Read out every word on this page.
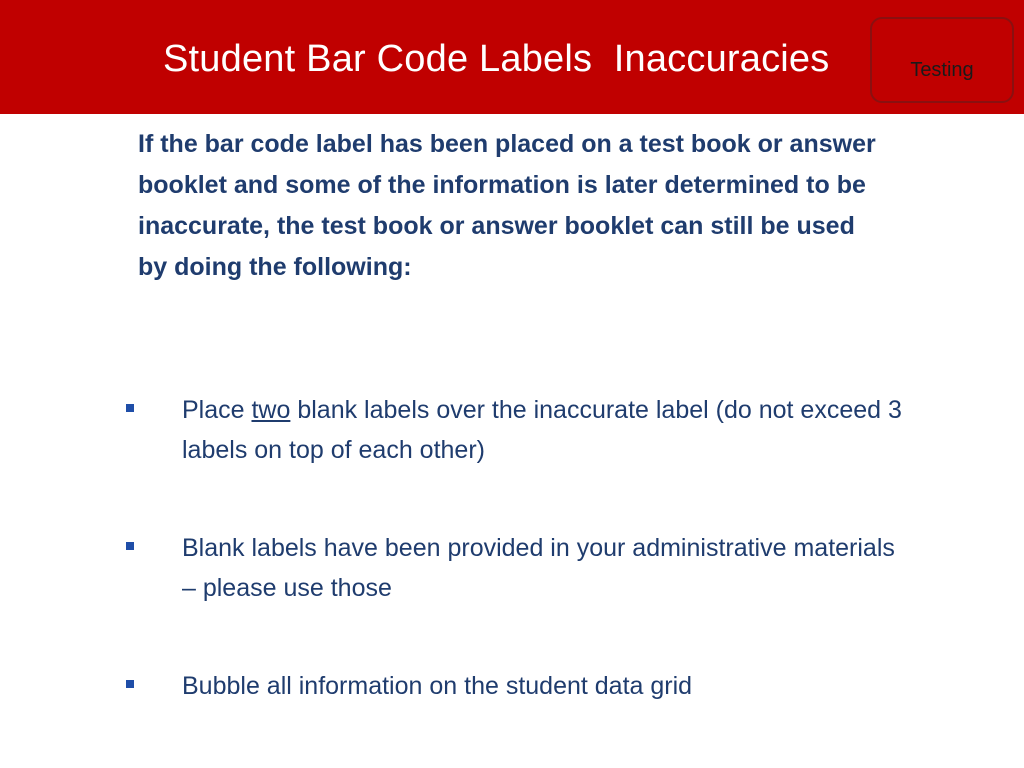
Student Bar Code Labels  Inaccuracies	Testing

If the bar code label has been placed on a test book or answer booklet and some of the information is later determined to be inaccurate, the test book or answer booklet can still be used by doing the following:

Place two blank labels over the inaccurate label (do not exceed 3 labels on top of each other)
Blank labels have been provided in your administrative materials – please use those
Bubble all information on the student data grid
